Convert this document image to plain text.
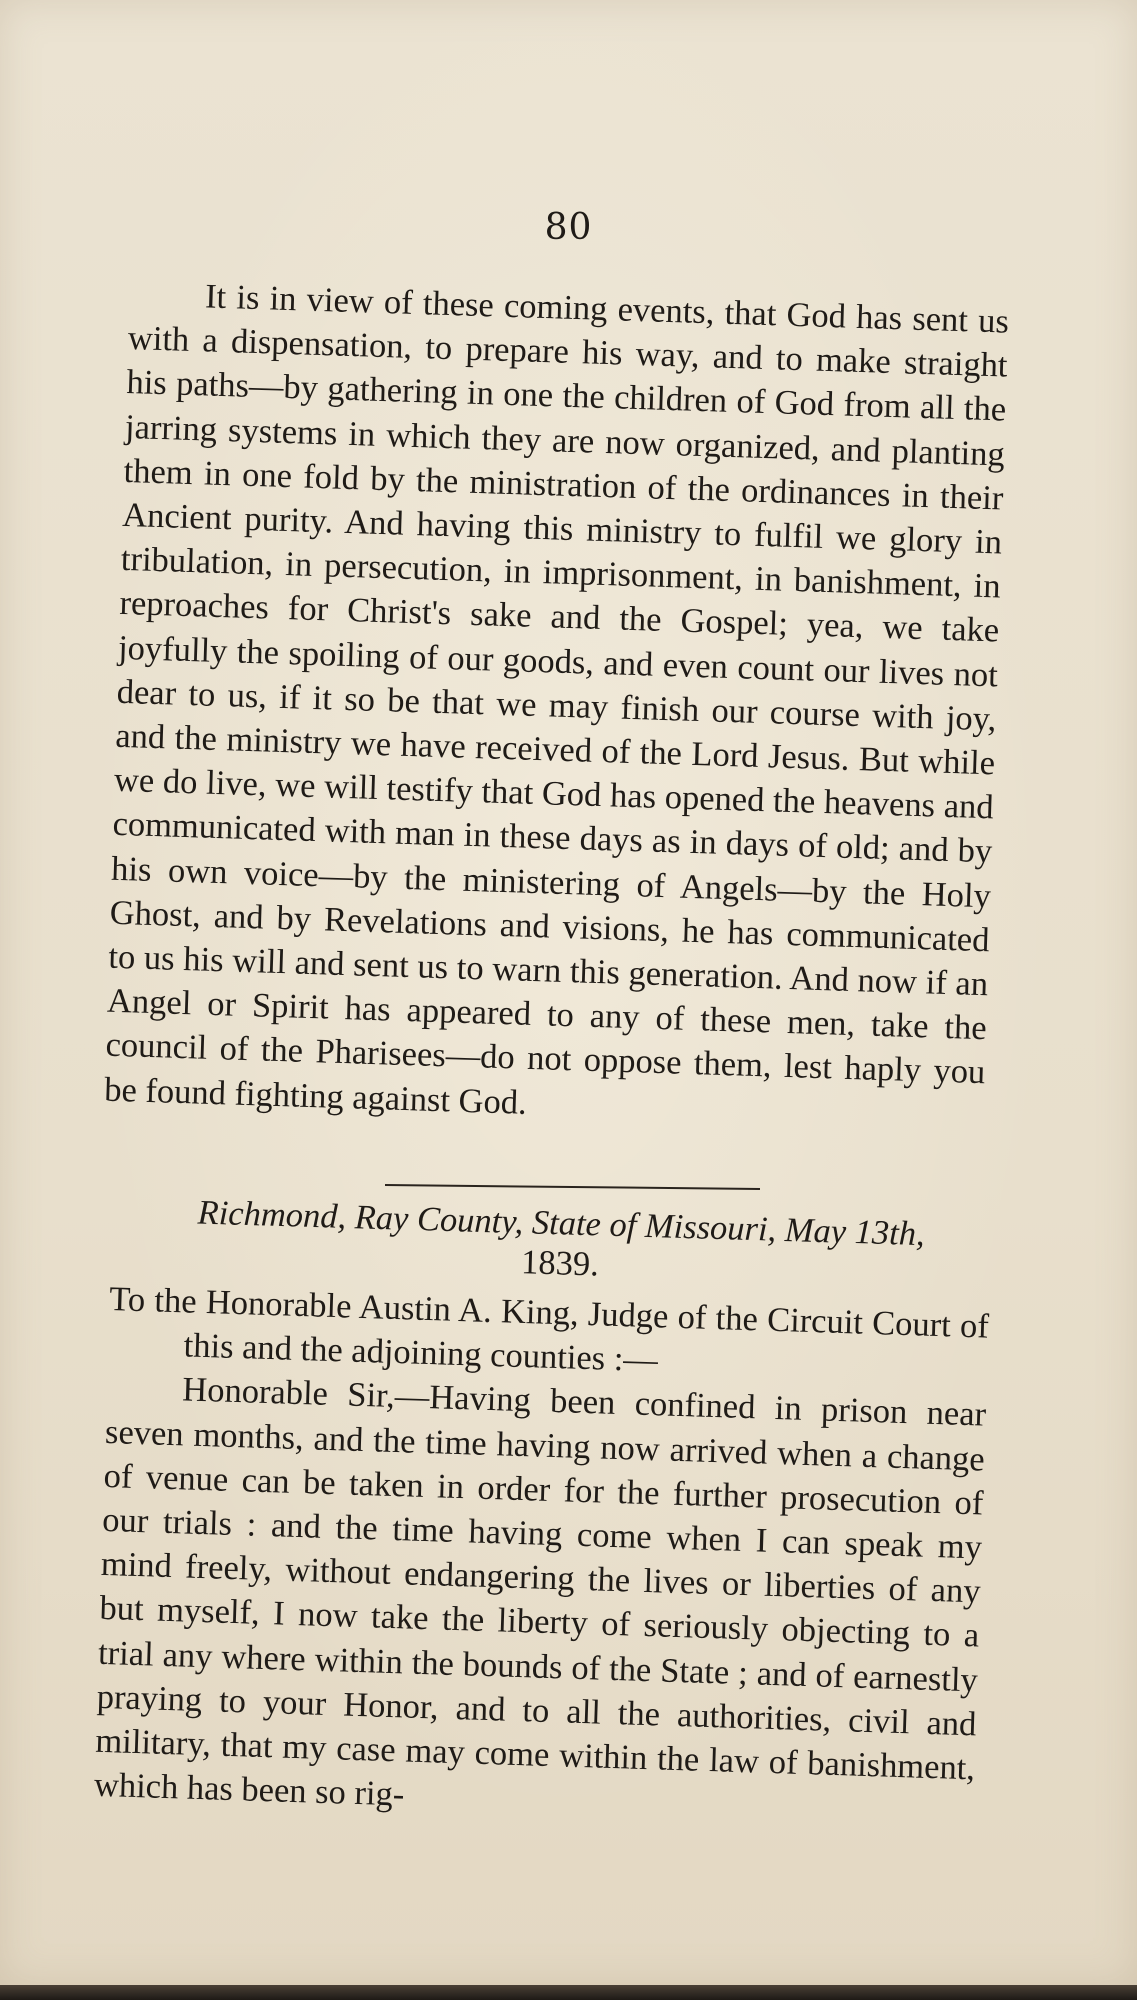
80

It is in view of these coming events, that God has sent us with a dispensation, to prepare his way, and to make straight his paths—by gathering in one the children of God from all the jarring systems in which they are now organized, and planting them in one fold by the ministration of the ordinances in their Ancient purity. And having this ministry to fulfil we glory in tribulation, in persecution, in imprisonment, in banishment, in reproaches for Christ's sake and the Gospel; yea, we take joyfully the spoiling of our goods, and even count our lives not dear to us, if it so be that we may finish our course with joy, and the ministry we have received of the Lord Jesus. But while we do live, we will testify that God has opened the heavens and communicated with man in these days as in days of old; and by his own voice—by the ministering of Angels—by the Holy Ghost, and by Revelations and visions, he has communicated to us his will and sent us to warn this generation. And now if an Angel or Spirit has appeared to any of these men, take the council of the Pharisees—do not oppose them, lest haply you be found fighting against God.

Richmond, Ray County, State of Missouri, May 13th,
1839.

To the Honorable Austin A. King, Judge of the Circuit Court of this and the adjoining counties :—

Honorable Sir,—Having been confined in prison near seven months, and the time having now arrived when a change of venue can be taken in order for the further prosecution of our trials : and the time having come when I can speak my mind freely, without endangering the lives or liberties of any but myself, I now take the liberty of seriously objecting to a trial any where within the bounds of the State ; and of earnestly praying to your Honor, and to all the authorities, civil and military, that my case may come within the law of banishment, which has been so rig-
